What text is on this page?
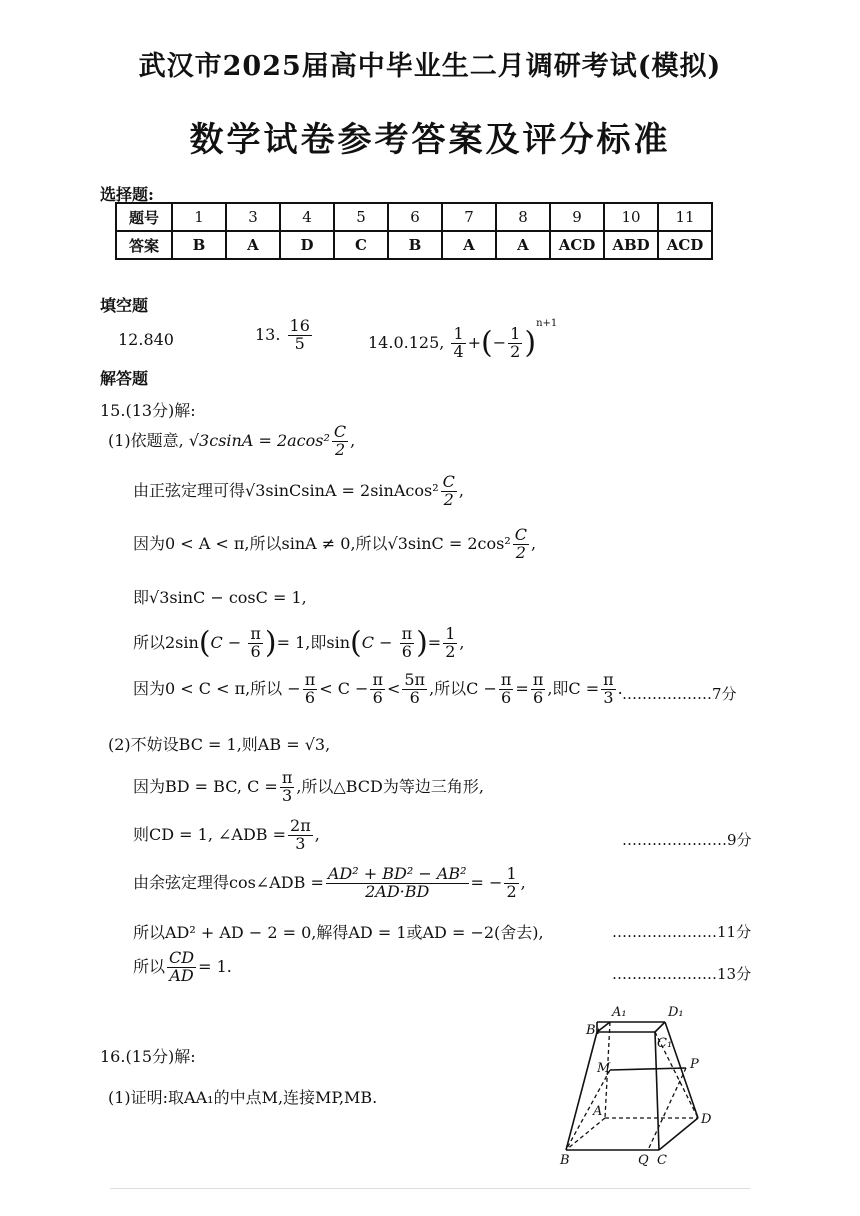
武汉市2025届高中毕业生二月调研考试(模拟)
数学试卷参考答案及评分标准
选择题:
题号	1	3	4	5	6	7	8	9	10	11
答案	B	A	D	C	B	A	A	ACD	ABD	ACD
填空题
12.840	13. $\frac{16}{5}$	14.0.125, $\frac{1}{4}$ +(− $\frac{1}{2} )^{n+1}$
解答题
15.(13分)解:
(1)依题意, $√3csinA = 2acos^2 \frac{C}{2}$ ,
由正弦定理可得√3sinCsinA = 2sinAcos² $\frac{C}{2}$ ,
因为0 < A < π,所以sinA ≠ 0,所以$√3\sin C = 2\cos^2 \frac{C}{2}$ ,
即√3sinC − cosC = 1,
所以$2\sin(C - \frac{\pi}{6}$ )= 1,即$\sin(C - \frac{\pi}{6}$ )= $\frac{1}{2}$ ,
因为0 < C < π,所以 − $\frac{\pi}{6} < C - \frac{\pi}{6} < \frac{5\pi}{6}$ ,所以$C - \frac{\pi}{6} = \frac{\pi}{6}$ ,即$C = \frac{\pi}{3}$ . ………………7分
(2)不妨设BC = 1,则AB = √3,
因为BD = BC, $C = \frac{\pi}{3}$ ,所以△BCD为等边三角形,
则CD = 1, ∠ADB = $\frac{2\pi}{3}$ ,	…………………9分
由余弦定理得cos∠ADB = $\frac{\text{AD² + BD² − AB²}}{2AD\cdot BD}$ = − $\frac{1}{2}$ ,
所以AD² + AD − 2 = 0,解得AD = 1或AD = −2(舍去),	…………………11分
所以 $\frac{CD}{AD} = 1$.	…………………13分
16.(15分)解:
(1)证明:取AA₁的中点M,连接MP,MB.
A₁	D₁
B₁
C₁
M	P
A
D
B	Q C
